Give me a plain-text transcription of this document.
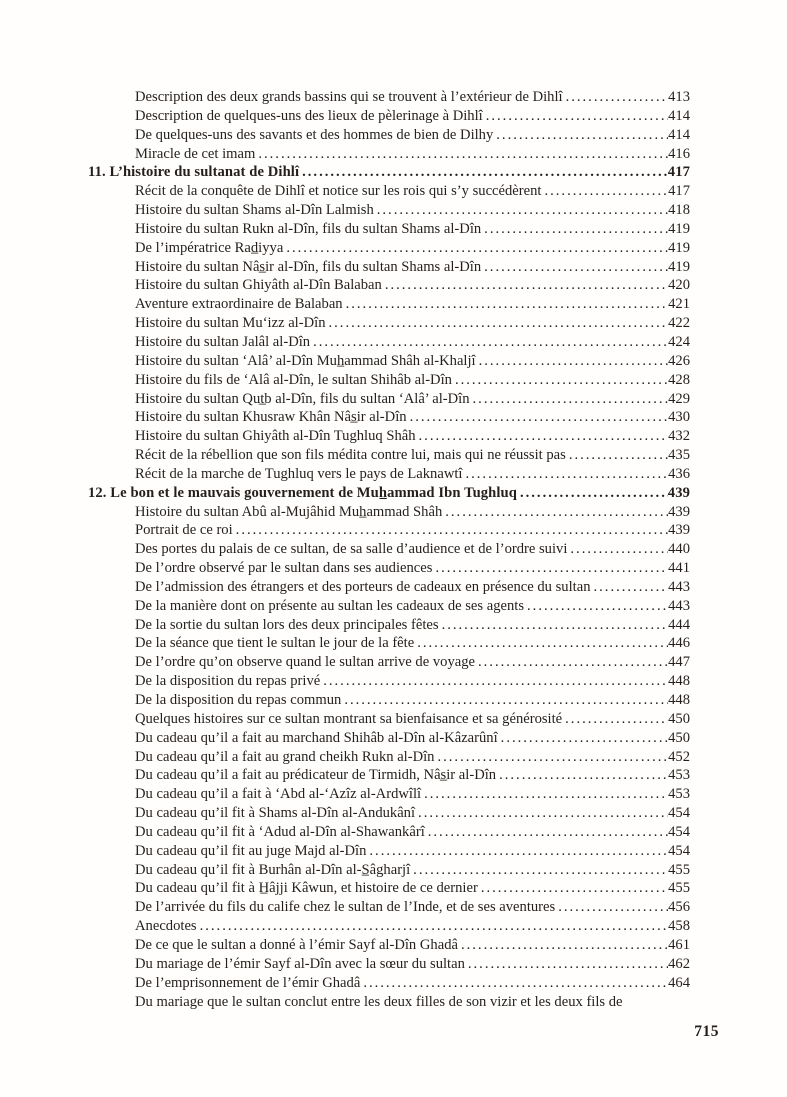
Description des deux grands bassins qui se trouvent à l’extérieur de Dihlî .....	413
Description de quelques-uns des lieux de pèlerinage à Dihlî .....	414
De quelques-uns des savants et des hommes de bien de Dilhy .....	414
Miracle de cet imam .....	416
11. L’histoire du sultanat de Dihlî .....	417
Récit de la conquête de Dihlî et notice sur les rois qui s’y succédèrent .....	417
Histoire du sultan Shams al-Dîn Lalmish .....	418
Histoire du sultan Rukn al-Dîn, fils du sultan Shams al-Dîn .....	419
De l’impératrice Rad̲iyya .....	419
Histoire du sultan Nâs̲ir al-Dîn, fils du sultan Shams al-Dîn .....	419
Histoire du sultan Ghiyâth al-Dîn Balaban .....	420
Aventure extraordinaire de Balaban .....	421
Histoire du sultan Mu‘izz al-Dîn .....	422
Histoire du sultan Jalâl al-Dîn .....	424
Histoire du sultan ‘Alâ’ al-Dîn Muh̲ammad Shâh al-Khaljî .....	426
Histoire du fils de ‘Alâ al-Dîn, le sultan Shihâb al-Dîn .....	428
Histoire du sultan Qut̲b al-Dîn, fils du sultan ‘Alâ’ al-Dîn .....	429
Histoire du sultan Khusraw Khân Nâs̲ir al-Dîn .....	430
Histoire du sultan Ghiyâth al-Dîn Tughluq Shâh .....	432
Récit de la rébellion que son fils médita contre lui, mais qui ne réussit pas .....	435
Récit de la marche de Tughluq vers le pays de Laknawtî .....	436
12. Le bon et le mauvais gouvernement de Muh̲ammad Ibn Tughluq .....	439
Histoire du sultan Abû al-Mujâhid Muh̲ammad Shâh .....	439
Portrait de ce roi .....	439
Des portes du palais de ce sultan, de sa salle d’audience et de l’ordre suivi .....	440
De l’ordre observé par le sultan dans ses audiences .....	441
De l’admission des étrangers et des porteurs de cadeaux en présence du sultan .....	443
De la manière dont on présente au sultan les cadeaux de ses agents .....	443
De la sortie du sultan lors des deux principales fêtes .....	444
De la séance que tient le sultan le jour de la fête .....	446
De l’ordre qu’on observe quand le sultan arrive de voyage .....	447
De la disposition du repas privé .....	448
De la disposition du repas commun .....	448
Quelques histoires sur ce sultan montrant sa bienfaisance et sa générosité .....	450
Du cadeau qu’il a fait au marchand Shihâb al-Dîn al-Kâzarûnî .....	450
Du cadeau qu’il a fait au grand cheikh Rukn al-Dîn .....	452
Du cadeau qu’il a fait au prédicateur de Tirmidh, Nâs̲ir al-Dîn .....	453
Du cadeau qu’il a fait à ‘Abd al-‘Azîz al-Ardwîlî .....	453
Du cadeau qu’il fit à Shams al-Dîn al-Andukânî .....	454
Du cadeau qu’il fit à ‘Adud al-Dîn al-Shawankârî .....	454
Du cadeau qu’il fit au juge Majd al-Dîn .....	454
Du cadeau qu’il fit à Burhân al-Dîn al-S̲âgharjî .....	455
Du cadeau qu’il fit à H̲âjji Kâwun, et histoire de ce dernier .....	455
De l’arrivée du fils du calife chez le sultan de l’Inde, et de ses aventures .....	456
Anecdotes .....	458
De ce que le sultan a donné à l’émir Sayf al-Dîn Ghadâ .....	461
Du mariage de l’émir Sayf al-Dîn avec la sœur du sultan .....	462
De l’emprisonnement de l’émir Ghadâ .....	464
Du mariage que le sultan conclut entre les deux filles de son vizir et les deux fils de
715
